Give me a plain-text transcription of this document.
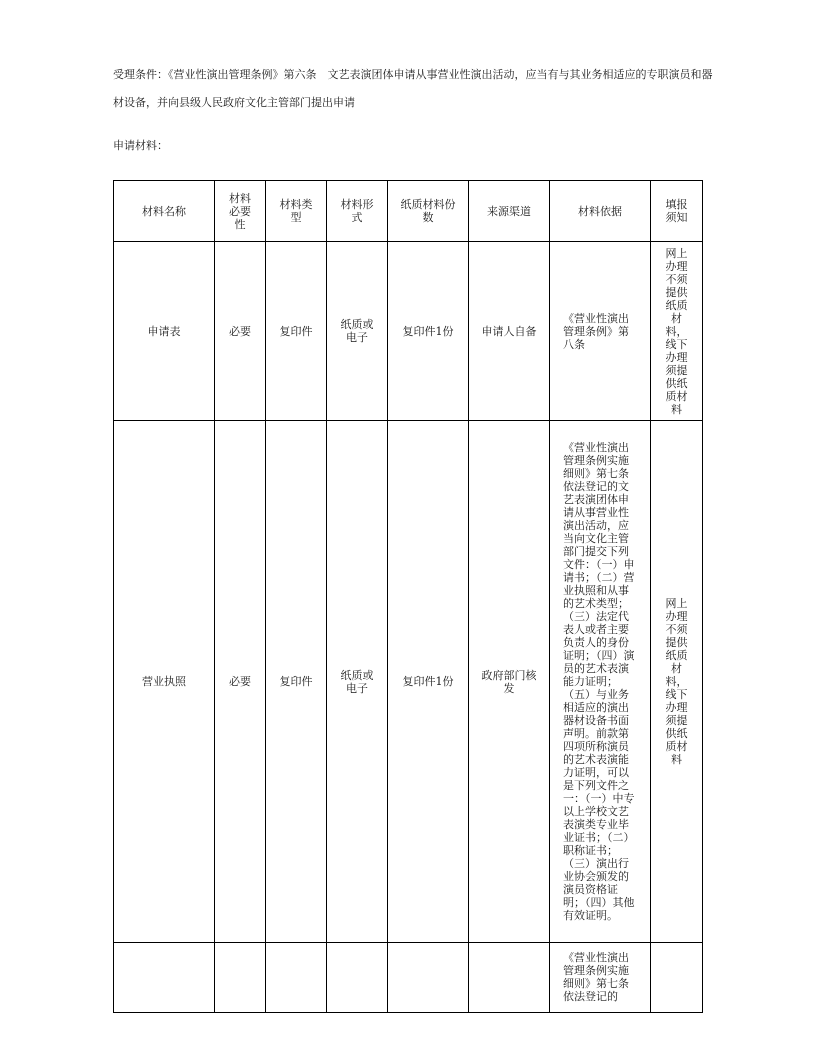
受理条件：《营业性演出管理条例》第六条　文艺表演团体申请从事营业性演出活动，应当有与其业务相适应的专职演员和器材设备，并向县级人民政府文化主管部门提出申请

申请材料：

材料名称	材料必要性	材料类型	材料形式	纸质材料份数	来源渠道	材料依据	填报须知

申请表	必要	复印件	纸质或电子	复印件1份	申请人自备	《营业性演出管理条例》第八条	网上办理不须提供纸质材料，线下办理须提供纸质材料

营业执照	必要	复印件	纸质或电子	复印件1份	政府部门核发	《营业性演出管理条例实施细则》第七条　依法登记的文艺表演团体申请从事营业性演出活动，应当向文化主管部门提交下列文件：（一）申请书；（二）营业执照和从事的艺术类型；（三）法定代表人或者主要负责人的身份证明；（四）演员的艺术表演能力证明；（五）与业务相适应的演出器材设备书面声明。前款第四项所称演员的艺术表演能力证明，可以是下列文件之一：（一）中专以上学校文艺表演类专业毕业证书；（二）职称证书；（三）演出行业协会颁发的演员资格证明；（四）其他有效证明。	网上办理不须提供纸质材料，线下办理须提供纸质材料

						《营业性演出管理条例实施细则》第七条　依法登记的	
